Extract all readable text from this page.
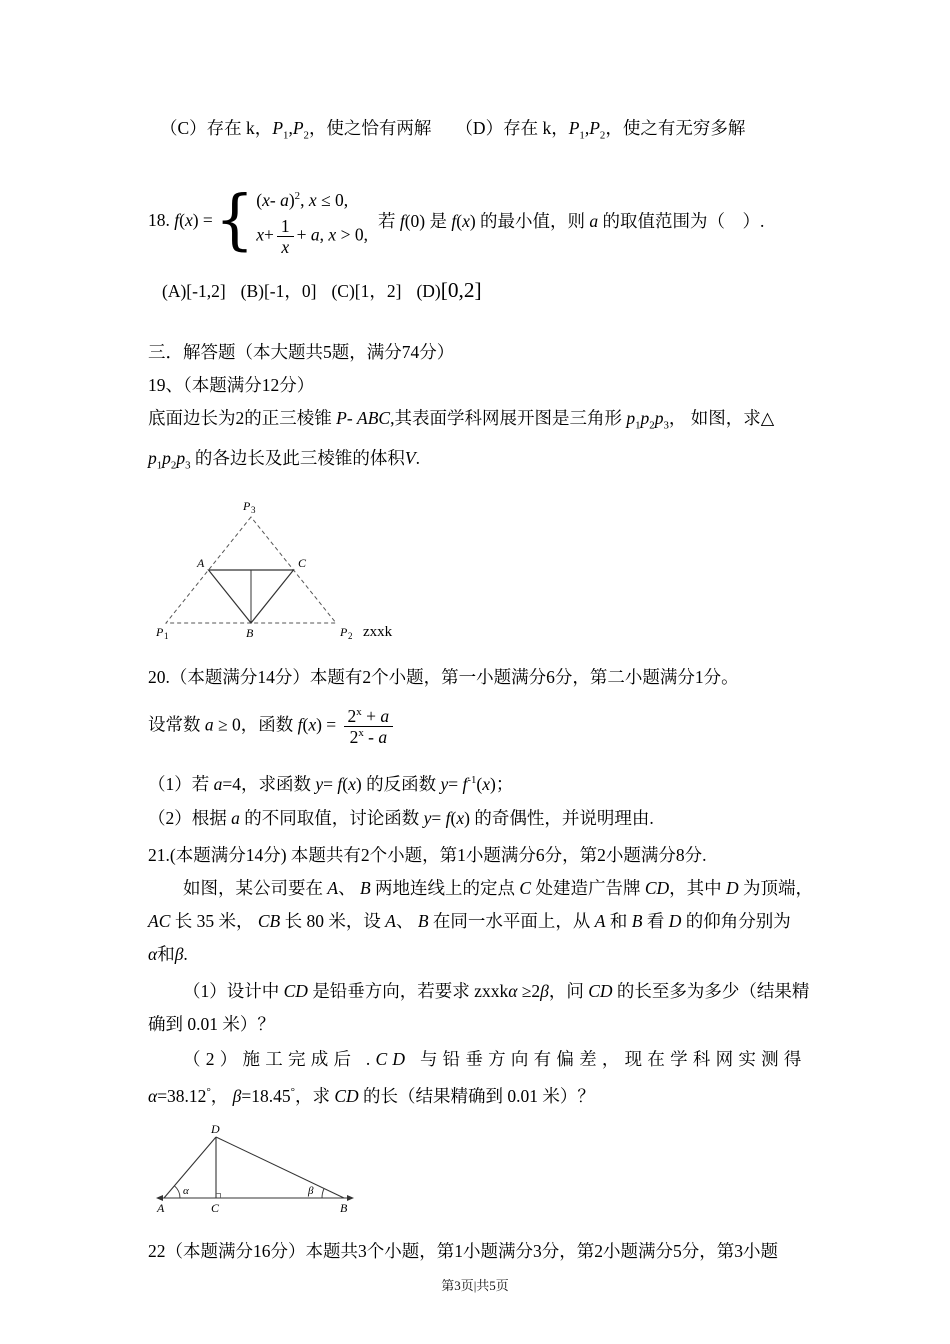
（C）存在 k，$P_1,P_2$，使之恰有两解 （D）存在 k，$P_1,P_2$，使之有无穷多解
18. f(x) = { (x- a)$^2$, x ≤ 0,
$x+ \frac{1}{x} + a$, x > 0,
若 f(0) 是 f(x) 的最小值，则 a 的取值范围为（　）.
(A)[-1,2] (B)[-1，0] (C)[1，2] (D)[0,2]
三．解答题（本大题共5题，满分74分）
19、（本题满分12分）
底面边长为2的正三棱锥 P- ABC,其表面学科网展开图是三角形 $p_1p_2p_3$， 如图，求△
$p_1p_2p_3$ 的各边长及此三棱锥的体积V.
P 3
A	C
P 1	B	P 2 zxxk
20.（本题满分14分）本题有2个小题，第一小题满分6分，第二小题满分1分。
设常数 a ≥ 0，函数 $f(x) = \frac{2^x + a}{2^x - a}$
（1）若 a=4，求函数 y= f(x) 的反函数 $y= f^{-1}(x)$；
（2）根据 a 的不同取值，讨论函数 y= f(x) 的奇偶性，并说明理由.
21.(本题满分14分) 本题共有2个小题，第1小题满分6分，第2小题满分8分.
如图，某公司要在 A、 B 两地连线上的定点 C 处建造广告牌 CD，其中 D 为顶端，
AC 长 35 米， CB 长 80 米，设 A、 B 在同一水平面上，从 A 和 B 看 D 的仰角分别为
α和β.
（1）设计中 CD 是铅垂方向，若要求 zxxkα ≥2β，问 CD 的长至多为多少（结果精
确到 0.01 米）？
（2）施工完成后 .CD 与铅垂方向有偏差，现在学科网实测得
α=38.12°， β=18.45°，求 CD 的长（结果精确到 0.01 米）？
D
A	C	B
α	β
22（本题满分16分）本题共3个小题，第1小题满分3分，第2小题满分5分，第3小题
第3页|共5页
